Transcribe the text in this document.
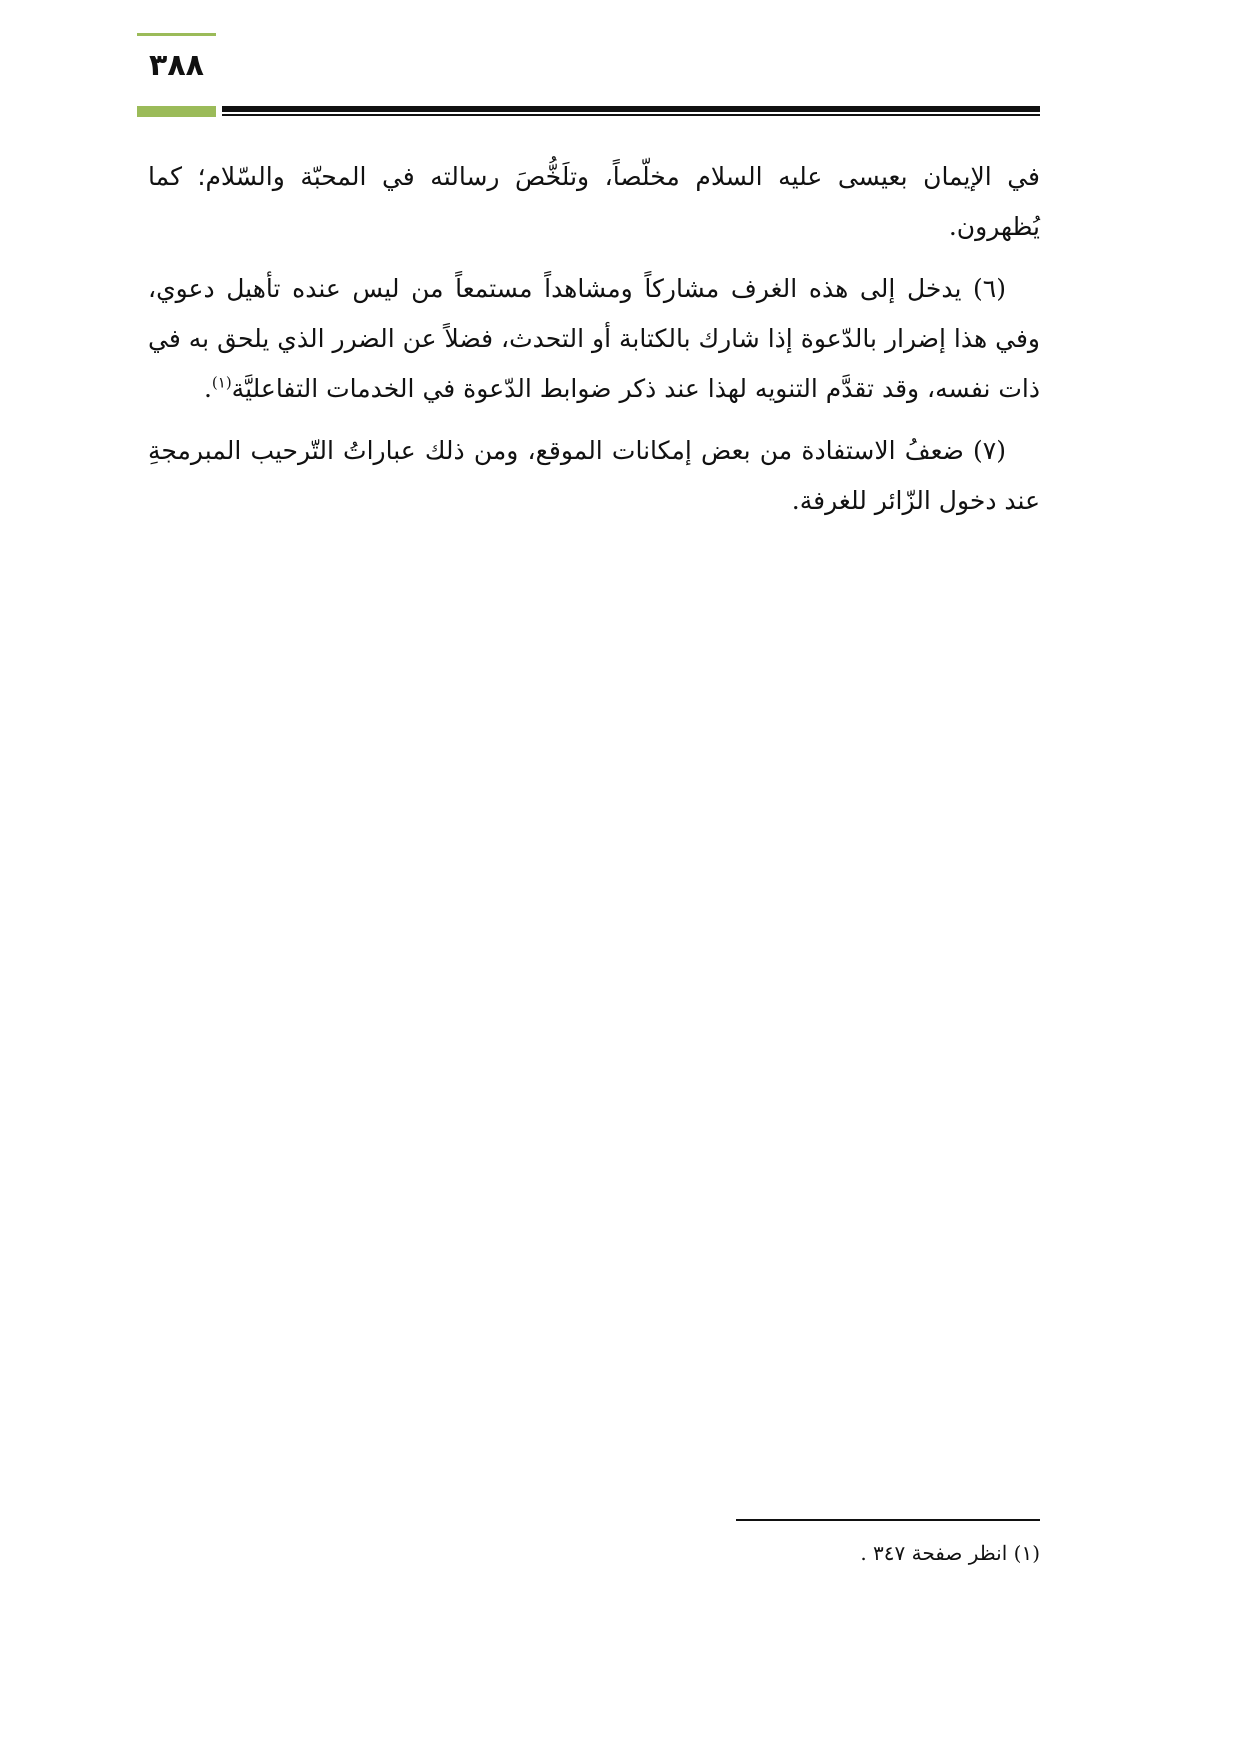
٣٨٨

في الإيمان بعيسى عليه السلام مخلّصاً، وتلَخُّصَ رسالته في المحبّة والسّلام؛ كما يُظهرون.

(٦) يدخل إلى هذه الغرف مشاركاً ومشاهداً مستمعاً من ليس عنده تأهيل دعوي، وفي هذا إضرار بالدّعوة إذا شارك بالكتابة أو التحدث، فضلاً عن الضرر الذي يلحق به في ذات نفسه، وقد تقدَّم التنويه لهذا عند ذكر ضوابط الدّعوة في الخدمات التفاعليَّة$^{(١)}$.

(٧) ضعفُ الاستفادة من بعض إمكانات الموقع، ومن ذلك عباراتُ التّرحيب المبرمجةِ عند دخول الزّائر للغرفة.

(١) انظر صفحة ٣٤٧ .
